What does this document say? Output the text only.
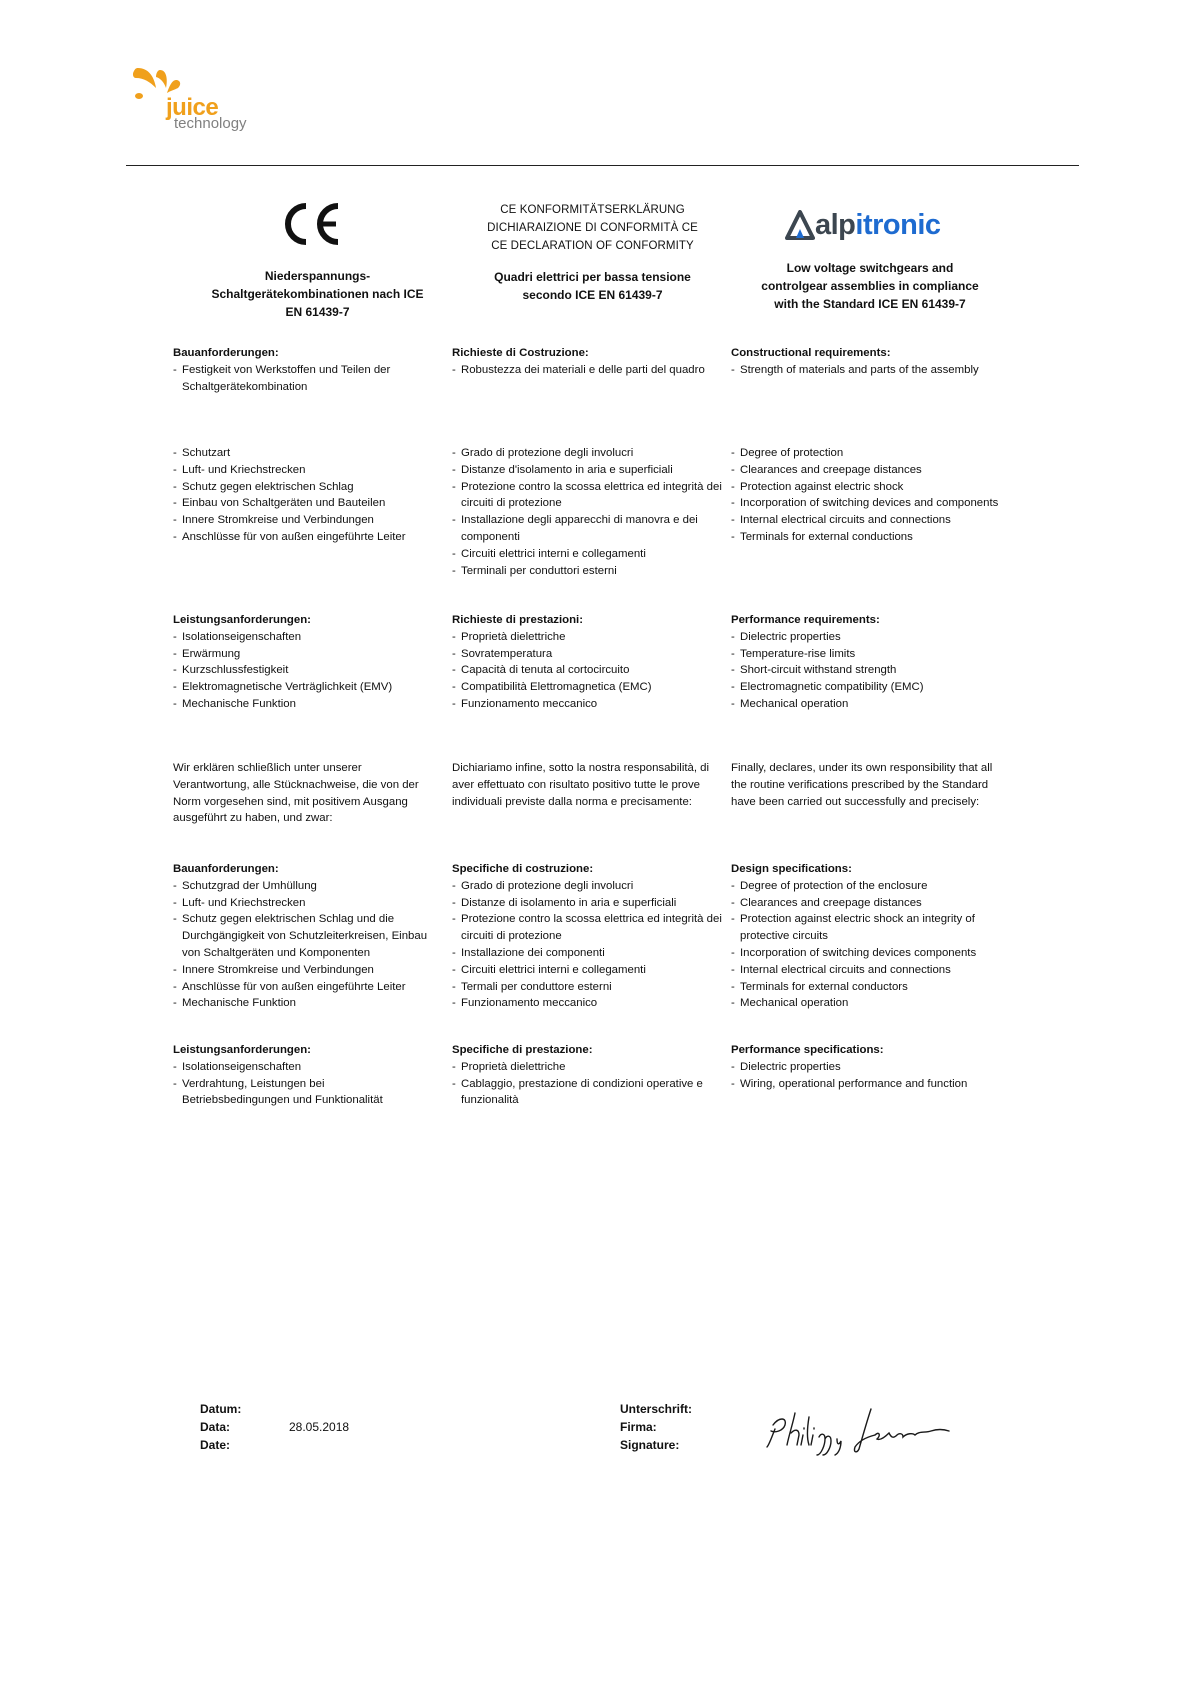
juice
technology
CE KONFORMITÄTSERKLÄRUNG
DICHIARAIZIONE DI CONFORMITÀ CE
CE DECLARATION OF CONFORMITY
alpitronic
Niederspannungs-
Schaltgerätekombinationen nach ICE
EN 61439-7
Quadri elettrici per bassa tensione
secondo ICE EN 61439-7
Low voltage switchgears and
controlgear assemblies in compliance
with the Standard ICE EN 61439-7

Bauanforderungen:

- Festigkeit von Werkstoffen und Teilen der Schaltgerätekombination

Richieste di Costruzione:

- Robustezza dei materiali e delle parti del quadro

Constructional requirements:

- Strength of materials and parts of the assembly
- Schutzart
- Luft- und Kriechstrecken
- Schutz gegen elektrischen Schlag
- Einbau von Schaltgeräten und Bauteilen
- Innere Stromkreise und Verbindungen
- Anschlüsse für von außen eingeführte Leiter
- Grado di protezione degli involucri
- Distanze d'isolamento in aria e superficiali
- Protezione contro la scossa elettrica ed integrità dei circuiti di protezione
- Installazione degli apparecchi di manovra e dei componenti
- Circuiti elettrici interni e collegamenti
- Terminali per conduttori esterni
- Degree of protection
- Clearances and creepage distances
- Protection against electric shock
- Incorporation of switching devices and components
- Internal electrical circuits and connections
- Terminals for external conductions

Leistungsanforderungen:

- Isolationseigenschaften
- Erwärmung
- Kurzschlussfestigkeit
- Elektromagnetische Verträglichkeit (EMV)
- Mechanische Funktion

Richieste di prestazioni:

- Proprietà dielettriche
- Sovratemperatura
- Capacità di tenuta al cortocircuito
- Compatibilità Elettromagnetica (EMC)
- Funzionamento meccanico

Performance requirements:

- Dielectric properties
- Temperature-rise limits
- Short-circuit withstand strength
- Electromagnetic compatibility (EMC)
- Mechanical operation

Wir erklären schließlich unter unserer Verantwortung, alle Stücknachweise, die von der Norm vorgesehen sind, mit positivem Ausgang ausgeführt zu haben, und zwar:

Dichiariamo infine, sotto la nostra responsabilità, di aver effettuato con risultato positivo tutte le prove individuali previste dalla norma e precisamente:

Finally, declares, under its own responsibility that all the routine verifications prescribed by the Standard have been carried out successfully and precisely:

Bauanforderungen:

- Schutzgrad der Umhüllung
- Luft- und Kriechstrecken
- Schutz gegen elektrischen Schlag und die Durchgängigkeit von Schutzleiterkreisen, Einbau von Schaltgeräten und Komponenten
- Innere Stromkreise und Verbindungen
- Anschlüsse für von außen eingeführte Leiter
- Mechanische Funktion

Specifiche di costruzione:

- Grado di protezione degli involucri
- Distanze di isolamento in aria e superficiali
- Protezione contro la scossa elettrica ed integrità dei circuiti di protezione
- Installazione dei componenti
- Circuiti elettrici interni e collegamenti
- Termali per conduttore esterni
- Funzionamento meccanico

Design specifications:

- Degree of protection of the enclosure
- Clearances and creepage distances
- Protection against electric shock an integrity of protective circuits
- Incorporation of switching devices components
- Internal electrical circuits and connections
- Terminals for external conductors
- Mechanical operation

Leistungsanforderungen:

- Isolationseigenschaften
- Verdrahtung, Leistungen bei Betriebsbedingungen und Funktionalität

Specifiche di prestazione:

- Proprietà dielettriche
- Cablaggio, prestazione di condizioni operative e funzionalità

Performance specifications:

- Dielectric properties
- Wiring, operational performance and function
Datum:
Data:
Date:
28.05.2018
Unterschrift:
Firma:
Signature:
